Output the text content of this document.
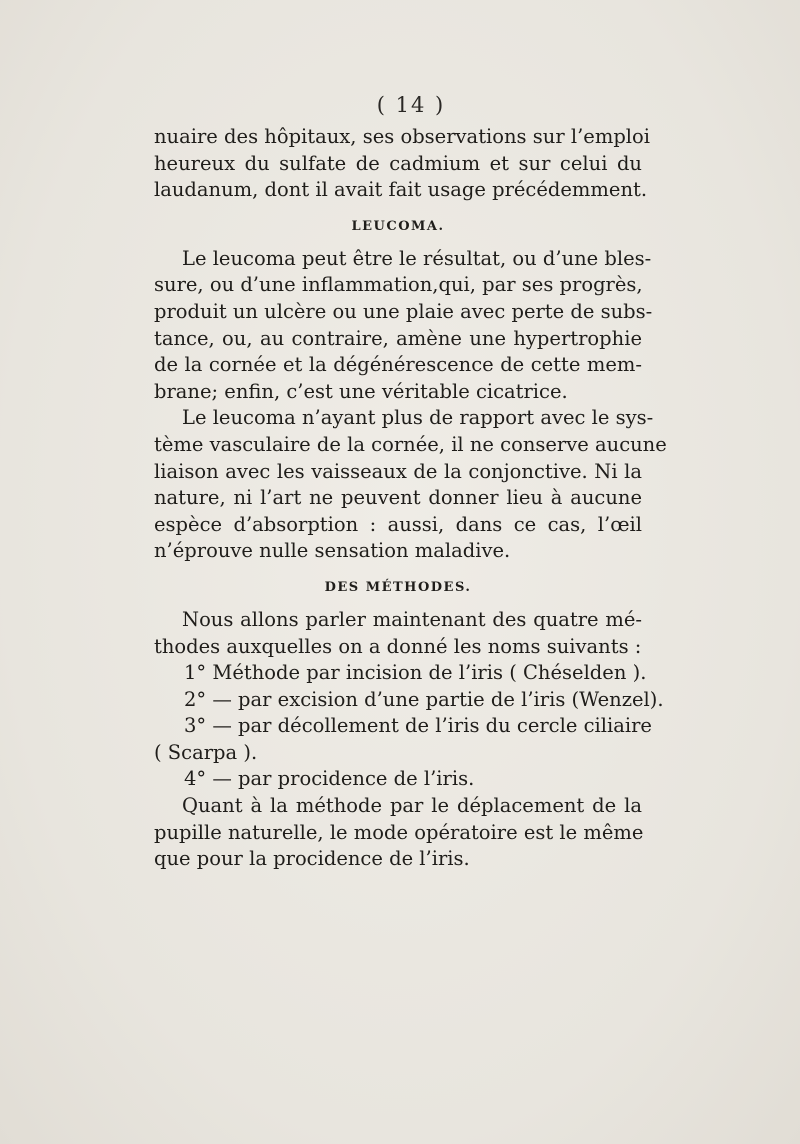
( 14 )
nuaire des hôpitaux, ses observations sur l’emploi
heureux du sulfate de cadmium et sur celui du
laudanum, dont il avait fait usage précédemment.
LEUCOMA.
Le leucoma peut être le résultat, ou d’une bles-
sure, ou d’une inflammation,qui, par ses progrès,
produit un ulcère ou une plaie avec perte de subs-
tance, ou, au contraire, amène une hypertrophie
de la cornée et la dégénérescence de cette mem-
brane; enfin, c’est une véritable cicatrice.
Le leucoma n’ayant plus de rapport avec le sys-
tème vasculaire de la cornée, il ne conserve aucune
liaison avec les vaisseaux de la conjonctive. Ni la
nature, ni l’art ne peuvent donner lieu à aucune
espèce d’absorption : aussi, dans ce cas, l’œil
n’éprouve nulle sensation maladive.
DES MÉTHODES.
Nous allons parler maintenant des quatre mé-
thodes auxquelles on a donné les noms suivants :
1° Méthode par incision de l’iris ( Chéselden ).
2° — par excision d’une partie de l’iris (Wenzel).
3° — par décollement de l’iris du cercle ciliaire
( Scarpa ).
4° — par procidence de l’iris.
Quant à la méthode par le déplacement de la
pupille naturelle, le mode opératoire est le même
que pour la procidence de l’iris.
